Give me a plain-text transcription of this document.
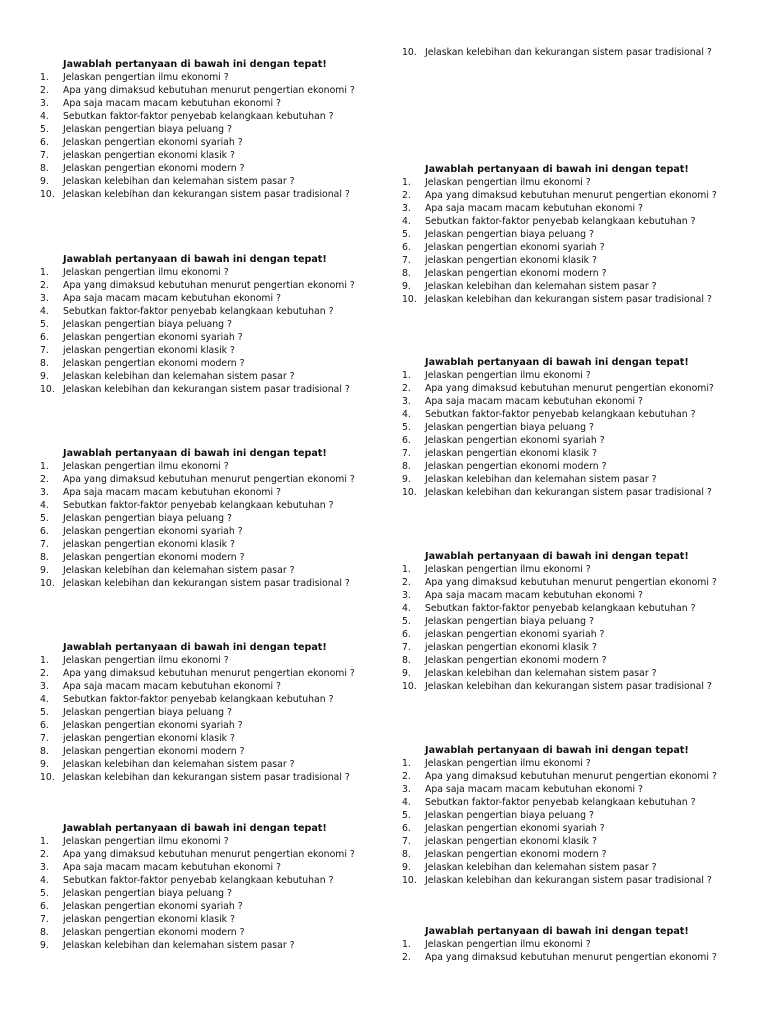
Jawablah pertanyaan di bawah ini dengan tepat!
1.	Jelaskan pengertian ilmu ekonomi ?
2.	Apa yang dimaksud kebutuhan menurut pengertian ekonomi ?
3.	Apa saja macam macam kebutuhan ekonomi ?
4.	Sebutkan faktor-faktor penyebab kelangkaan kebutuhan ?
5.	Jelaskan pengertian biaya peluang ?
6.	Jelaskan pengertian ekonomi syariah ?
7.	jelaskan pengertian ekonomi klasik ?
8.	Jelaskan pengertian ekonomi modern ?
9.	Jelaskan kelebihan dan kelemahan sistem pasar ?
10. Jelaskan kelebihan dan kekurangan sistem pasar tradisional ?
Jawablah pertanyaan di bawah ini dengan tepat!
1.	Jelaskan pengertian ilmu ekonomi ?
2.	Apa yang dimaksud kebutuhan menurut pengertian ekonomi ?
3.	Apa saja macam macam kebutuhan ekonomi ?
4.	Sebutkan faktor-faktor penyebab kelangkaan kebutuhan ?
5.	Jelaskan pengertian biaya peluang ?
6.	Jelaskan pengertian ekonomi syariah ?
7.	jelaskan pengertian ekonomi klasik ?
8.	Jelaskan pengertian ekonomi modern ?
9.	Jelaskan kelebihan dan kelemahan sistem pasar ?
10. Jelaskan kelebihan dan kekurangan sistem pasar tradisional ?
Jawablah pertanyaan di bawah ini dengan tepat!
1.	Jelaskan pengertian ilmu ekonomi ?
2.	Apa yang dimaksud kebutuhan menurut pengertian ekonomi ?
3.	Apa saja macam macam kebutuhan ekonomi ?
4.	Sebutkan faktor-faktor penyebab kelangkaan kebutuhan ?
5.	Jelaskan pengertian biaya peluang ?
6.	Jelaskan pengertian ekonomi syariah ?
7.	jelaskan pengertian ekonomi klasik ?
8.	Jelaskan pengertian ekonomi modern ?
9.	Jelaskan kelebihan dan kelemahan sistem pasar ?
10. Jelaskan kelebihan dan kekurangan sistem pasar tradisional ?
Jawablah pertanyaan di bawah ini dengan tepat!
1.	Jelaskan pengertian ilmu ekonomi ?
2.	Apa yang dimaksud kebutuhan menurut pengertian ekonomi ?
3.	Apa saja macam macam kebutuhan ekonomi ?
4.	Sebutkan faktor-faktor penyebab kelangkaan kebutuhan ?
5.	Jelaskan pengertian biaya peluang ?
6.	Jelaskan pengertian ekonomi syariah ?
7.	jelaskan pengertian ekonomi klasik ?
8.	Jelaskan pengertian ekonomi modern ?
9.	Jelaskan kelebihan dan kelemahan sistem pasar ?
10. Jelaskan kelebihan dan kekurangan sistem pasar tradisional ?
Jawablah pertanyaan di bawah ini dengan tepat!
1.	Jelaskan pengertian ilmu ekonomi ?
2.	Apa yang dimaksud kebutuhan menurut pengertian ekonomi ?
3.	Apa saja macam macam kebutuhan ekonomi ?
4.	Sebutkan faktor-faktor penyebab kelangkaan kebutuhan ?
5.	Jelaskan pengertian biaya peluang ?
6.	Jelaskan pengertian ekonomi syariah ?
7.	jelaskan pengertian ekonomi klasik ?
8.	Jelaskan pengertian ekonomi modern ?
9.	Jelaskan kelebihan dan kelemahan sistem pasar ?
10. Jelaskan kelebihan dan kekurangan sistem pasar tradisional ?
Jawablah pertanyaan di bawah ini dengan tepat!
1.	Jelaskan pengertian ilmu ekonomi ?
2.	Apa yang dimaksud kebutuhan menurut pengertian ekonomi ?
3.	Apa saja macam macam kebutuhan ekonomi ?
4.	Sebutkan faktor-faktor penyebab kelangkaan kebutuhan ?
5.	Jelaskan pengertian biaya peluang ?
6.	Jelaskan pengertian ekonomi syariah ?
7.	jelaskan pengertian ekonomi klasik ?
8.	Jelaskan pengertian ekonomi modern ?
9.	Jelaskan kelebihan dan kelemahan sistem pasar ?
10. Jelaskan kelebihan dan kekurangan sistem pasar tradisional ?
Jawablah pertanyaan di bawah ini dengan tepat!
1.	Jelaskan pengertian ilmu ekonomi ?
2.	Apa yang dimaksud kebutuhan menurut pengertian ekonomi?
3.	Apa saja macam macam kebutuhan ekonomi ?
4.	Sebutkan faktor-faktor penyebab kelangkaan kebutuhan ?
5.	Jelaskan pengertian biaya peluang ?
6.	Jelaskan pengertian ekonomi syariah ?
7.	jelaskan pengertian ekonomi klasik ?
8.	Jelaskan pengertian ekonomi modern ?
9.	Jelaskan kelebihan dan kelemahan sistem pasar ?
10. Jelaskan kelebihan dan kekurangan sistem pasar tradisional ?
Jawablah pertanyaan di bawah ini dengan tepat!
1.	Jelaskan pengertian ilmu ekonomi ?
2.	Apa yang dimaksud kebutuhan menurut pengertian ekonomi ?
3.	Apa saja macam macam kebutuhan ekonomi ?
4.	Sebutkan faktor-faktor penyebab kelangkaan kebutuhan ?
5.	Jelaskan pengertian biaya peluang ?
6.	jelaskan pengertian ekonomi syariah ?
7.	jelaskan pengertian ekonomi klasik ?
8.	Jelaskan pengertian ekonomi modern ?
9.	Jelaskan kelebihan dan kelemahan sistem pasar ?
10. Jelaskan kelebihan dan kekurangan sistem pasar tradisional ?
Jawablah pertanyaan di bawah ini dengan tepat!
1.	Jelaskan pengertian ilmu ekonomi ?
2.	Apa yang dimaksud kebutuhan menurut pengertian ekonomi ?
3.	Apa saja macam macam kebutuhan ekonomi ?
4.	Sebutkan faktor-faktor penyebab kelangkaan kebutuhan ?
5.	Jelaskan pengertian biaya peluang ?
6.	Jelaskan pengertian ekonomi syariah ?
7.	jelaskan pengertian ekonomi klasik ?
8.	Jelaskan pengertian ekonomi modern ?
9.	Jelaskan kelebihan dan kelemahan sistem pasar ?
10. Jelaskan kelebihan dan kekurangan sistem pasar tradisional ?
Jawablah pertanyaan di bawah ini dengan tepat!
1.	Jelaskan pengertian ilmu ekonomi ?
2.	Apa yang dimaksud kebutuhan menurut pengertian ekonomi ?
